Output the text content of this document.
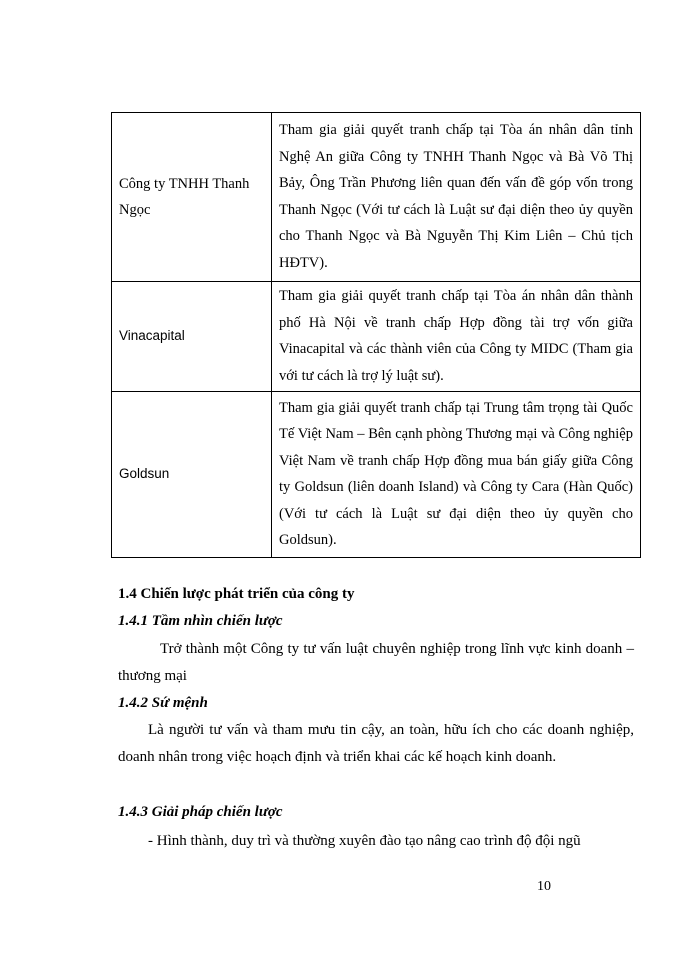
Công ty TNHH Thanh Ngọc	Tham gia giải quyết tranh chấp tại Tòa án nhân dân tỉnh Nghệ An giữa Công ty TNHH Thanh Ngọc và Bà Võ Thị Bảy, Ông Trần Phương liên quan đến vấn đề góp vốn trong Thanh Ngọc (Với tư cách là Luật sư đại diện theo ủy quyền cho Thanh Ngọc và Bà Nguyễn Thị Kim Liên – Chủ tịch HĐTV).

Vinacapital	Tham gia giải quyết tranh chấp tại Tòa án nhân dân thành phố Hà Nội về tranh chấp Hợp đồng tài trợ vốn giữa Vinacapital và các thành viên của Công ty MIDC (Tham gia với tư cách là trợ lý luật sư).

Goldsun	Tham gia giải quyết tranh chấp tại Trung tâm trọng tài Quốc Tế Việt Nam – Bên cạnh phòng Thương mại và Công nghiệp Việt Nam về tranh chấp Hợp đồng mua bán giấy giữa Công ty Goldsun (liên doanh Island) và Công ty Cara (Hàn Quốc) (Với tư cách là Luật sư đại diện theo ủy quyền cho Goldsun).
1.4 Chiến lược phát triển của công ty
1.4.1 Tầm nhìn chiến lược
Trở thành một Công ty tư vấn luật chuyên nghiệp trong lĩnh vực kinh doanh – thương mại
1.4.2 Sứ mệnh
Là người tư vấn và tham mưu tin cậy, an toàn, hữu ích cho các doanh nghiệp, doanh nhân trong việc hoạch định và triển khai các kế hoạch kinh doanh.
1.4.3 Giải pháp chiến lược
- Hình thành, duy trì và thường xuyên đào tạo nâng cao trình độ đội ngũ
10
